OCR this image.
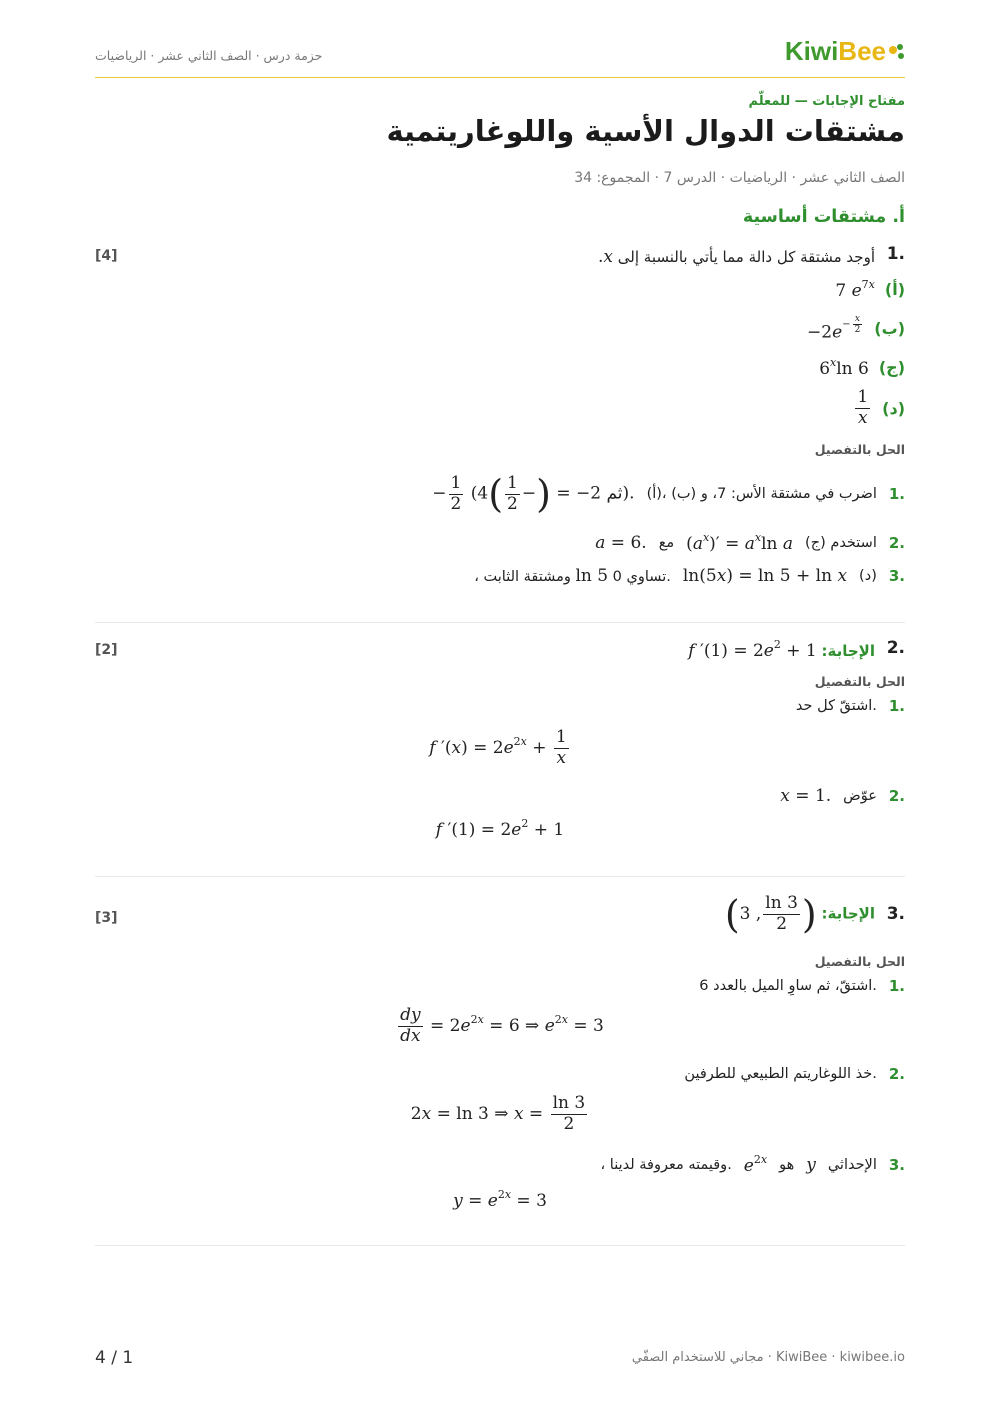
حزمة درس · الصف الثاني عشر · الرياضيات	Kiwi Bee
مفتاح الإجابات — للمعلّم
مشتقات الدوال الأسية واللوغاريتمية
الصف الثاني عشر · الرياضيات · الدرس 7 · المجموع: 34
أ. مشتقات أساسية
1.
[4]	أوجد مشتقة كل دالة مما يأتي بالنسبة إلى x.
(أ)
7 $e^{7x}$
(ب)
$-2e^{- \frac{x}{2}}$
(ج)
6$^x$ln 6
(د)
$\frac{1}{x}$
الحل بالتفصيل
1.
(أ)، (ب) اضرب في مشتقة الأس: 7، و
− $\frac{1}{2}$ (ثم 2− = (−
$\frac{1}{2}$
)4).
2.
(ج) استخدم
$(a^x)' = a^x\ln$ a
مع
a = 6.
3.
(د)
ln(5x) = ln 5 + ln x
، ومشتقة الثابت ln 5 تساوي 0.
2.
[2]	الإجابة: f $'(1) = 2e^2 + 1$
الحل بالتفصيل
1.
اشتقّ كل حد.
f $'(x) = 2e^{2x} + \frac{1}{x}$
2.
عوّض
x = 1.
f $'(1) = 2e^2 + 1$
3.
[3]	الإجابة: (
$\frac{\ln 3}{2}$
, 3)
الحل بالتفصيل
1.
اشتقّ، ثم ساوِ الميل بالعدد 6.
$\frac{dy}{dx} = 2e^{2x} = 6$ ⇒ $e^{2x} = 3$
2.
خذ اللوغاريتم الطبيعي للطرفين.
2x = ln 3 ⇒ $x = \frac{\ln 3}{2}$
3.
الإحداثي
y
هو
$e^{2x}$
، وقيمته معروفة لدينا.
$y = e^{2x} = 3$
4 / 1	KiwiBee · kiwibee.io · مجاني للاستخدام الصفّي
